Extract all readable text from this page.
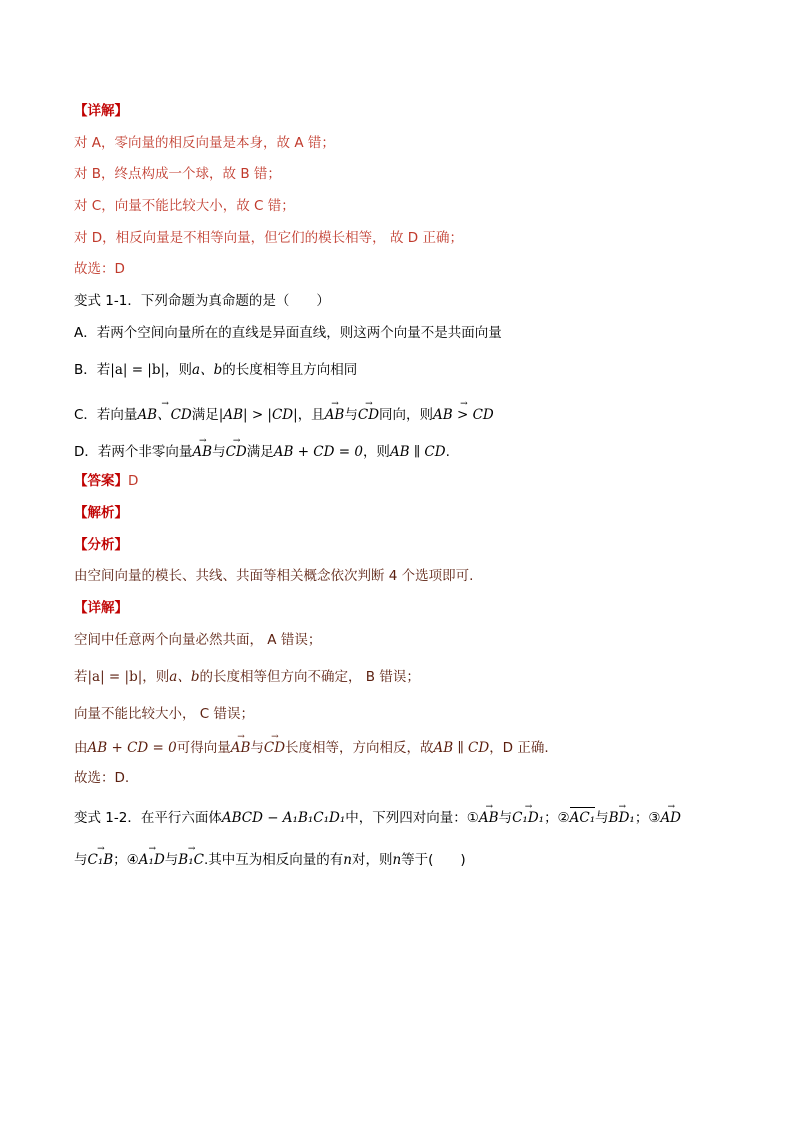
【详解】
对 A，零向量的相反向量是本身，故 A 错；
对 B，终点构成一个球，故 B 错；
对 C，向量不能比较大小，故 C 错；
对 D，相反向量是不相等向量，但它们的模长相等， 故 D 正确；
故选：D
变式 1-1．下列命题为真命题的是（　　）
A．若两个空间向量所在的直线是异面直线，则这两个向量不是共面向量
B．若|a| = |b|，则a、b的长度相等且方向相同
C．若向量→ AB、CD满足|AB| > |CD|，且→ AB与→ CD同向，则→ AB > CD
D．若两个非零向量→ AB与→ CD满足AB + CD = 0，则AB ∥ CD.
【答案】D
【解析】
【分析】
由空间向量的模长、共线、共面等相关概念依次判断 4 个选项即可.
【详解】
空间中任意两个向量必然共面， A 错误；
若|a| = |b|，则a、b的长度相等但方向不确定， B 错误；
向量不能比较大小， C 错误；
由AB + CD = 0可得向量→ AB与→ CD长度相等，方向相反，故AB ∥ CD，D 正确.
故选：D.
变式 1-2．在平行六面体ABCD − A₁B₁C₁D₁中，下列四对向量：①→ AB与→ C₁D₁；②AC₁与→ BD₁；③→ AD
与→ C₁B；④→ A₁D与→ B₁C.其中互为相反向量的有n对，则n等于(　　)
